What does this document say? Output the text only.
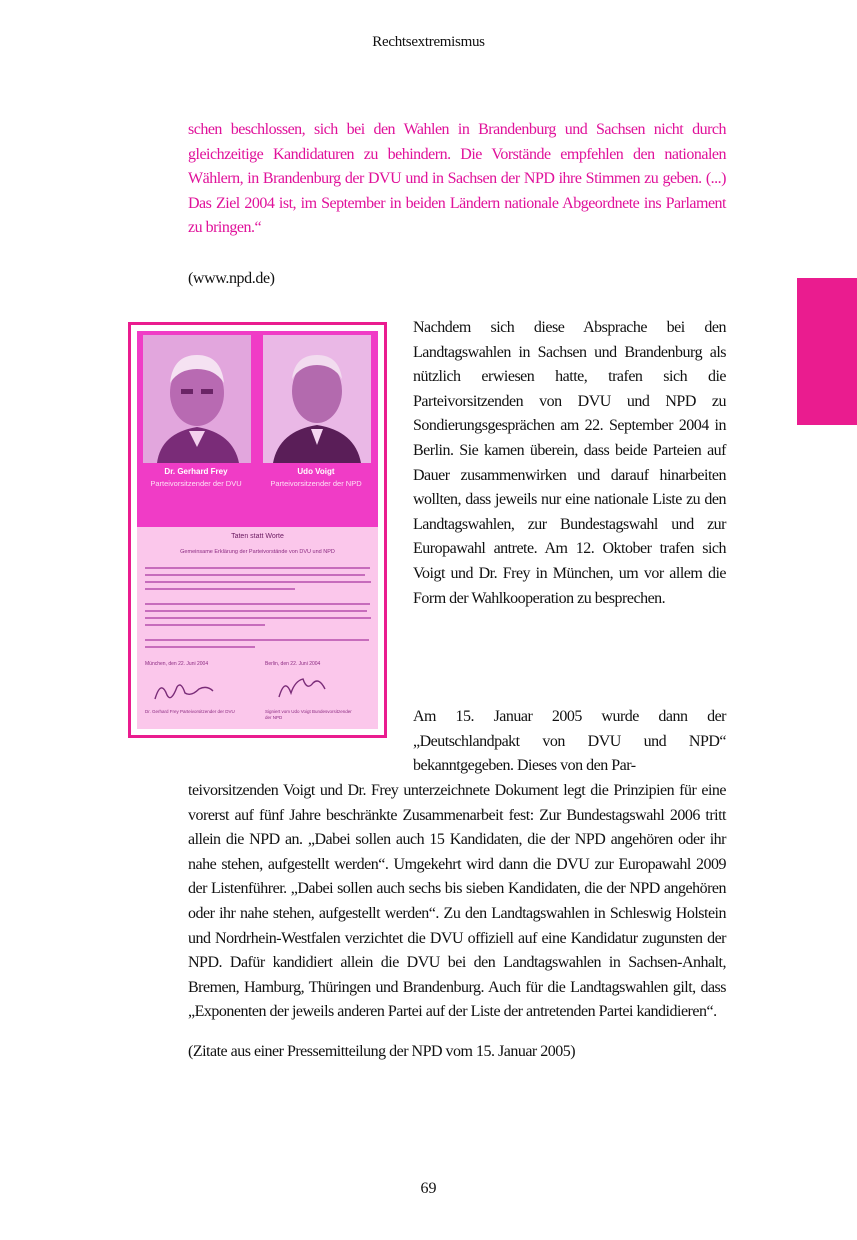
Rechtsextremismus
schen beschlossen, sich bei den Wahlen in Brandenburg und Sachsen nicht durch gleichzeitige Kandidaturen zu behindern. Die Vorstände empfehlen den nationalen Wählern, in Brandenburg der DVU und in Sachsen der NPD ihre Stimmen zu geben. (...) Das Ziel 2004 ist, im September in beiden Ländern nationale Abgeordnete ins Parlament zu bringen.“
(www.npd.de)
Dr. Gerhard Frey	Udo Voigt
Parteivorsitzender der DVU	Parteivorsitzender der NPD
Taten statt Worte
Gemeinsame Erklärung der Parteivorstände von DVU und NPD
München, den 22. Juni 2004	Berlin, den 22. Juni 2004
Dr. Gerhard Frey Parteivorsitzender der DVU	Signiert vom Udo Voigt Bundesvorsitzender der NPD

Nachdem sich diese Absprache bei den Landtagswahlen in Sachsen und Brandenburg als nützlich erwiesen hatte, trafen sich die Parteivorsitzenden von DVU und NPD zu Sondierungsgesprächen am 22. September 2004 in Berlin. Sie kamen überein, dass beide Parteien auf Dauer zusammenwirken und darauf hinarbeiten wollten, dass jeweils nur eine nationale Liste zu den Landtagswahlen, zur Bundestagswahl und zur Europawahl antrete. Am 12. Oktober trafen sich Voigt und Dr. Frey in München, um vor allem die Form der Wahlkooperation zu besprechen.

Am 15. Januar 2005 wurde dann der „Deutschlandpakt von DVU und NPD“ bekanntgegeben. Dieses von den Par-
teivorsitzenden Voigt und Dr. Frey unterzeichnete Dokument legt die Prinzipien für eine vorerst auf fünf Jahre beschränkte Zusammenarbeit fest: Zur Bundestagswahl 2006 tritt allein die NPD an. „Dabei sollen auch 15 Kandidaten, die der NPD angehören oder ihr nahe stehen, aufgestellt werden“. Umgekehrt wird dann die DVU zur Europawahl 2009 der Listenführer. „Dabei sollen auch sechs bis sieben Kandidaten, die der NPD angehören oder ihr nahe stehen, aufgestellt werden“. Zu den Landtagswahlen in Schleswig Holstein und Nordrhein-Westfalen verzichtet die DVU offiziell auf eine Kandidatur zugunsten der NPD. Dafür kandidiert allein die DVU bei den Landtagswahlen in Sachsen-Anhalt, Bremen, Hamburg, Thüringen und Brandenburg. Auch für die Landtagswahlen gilt, dass „Exponenten der jeweils anderen Partei auf der Liste der antretenden Partei kandidieren“.
(Zitate aus einer Pressemitteilung der NPD vom 15. Januar 2005)
69
